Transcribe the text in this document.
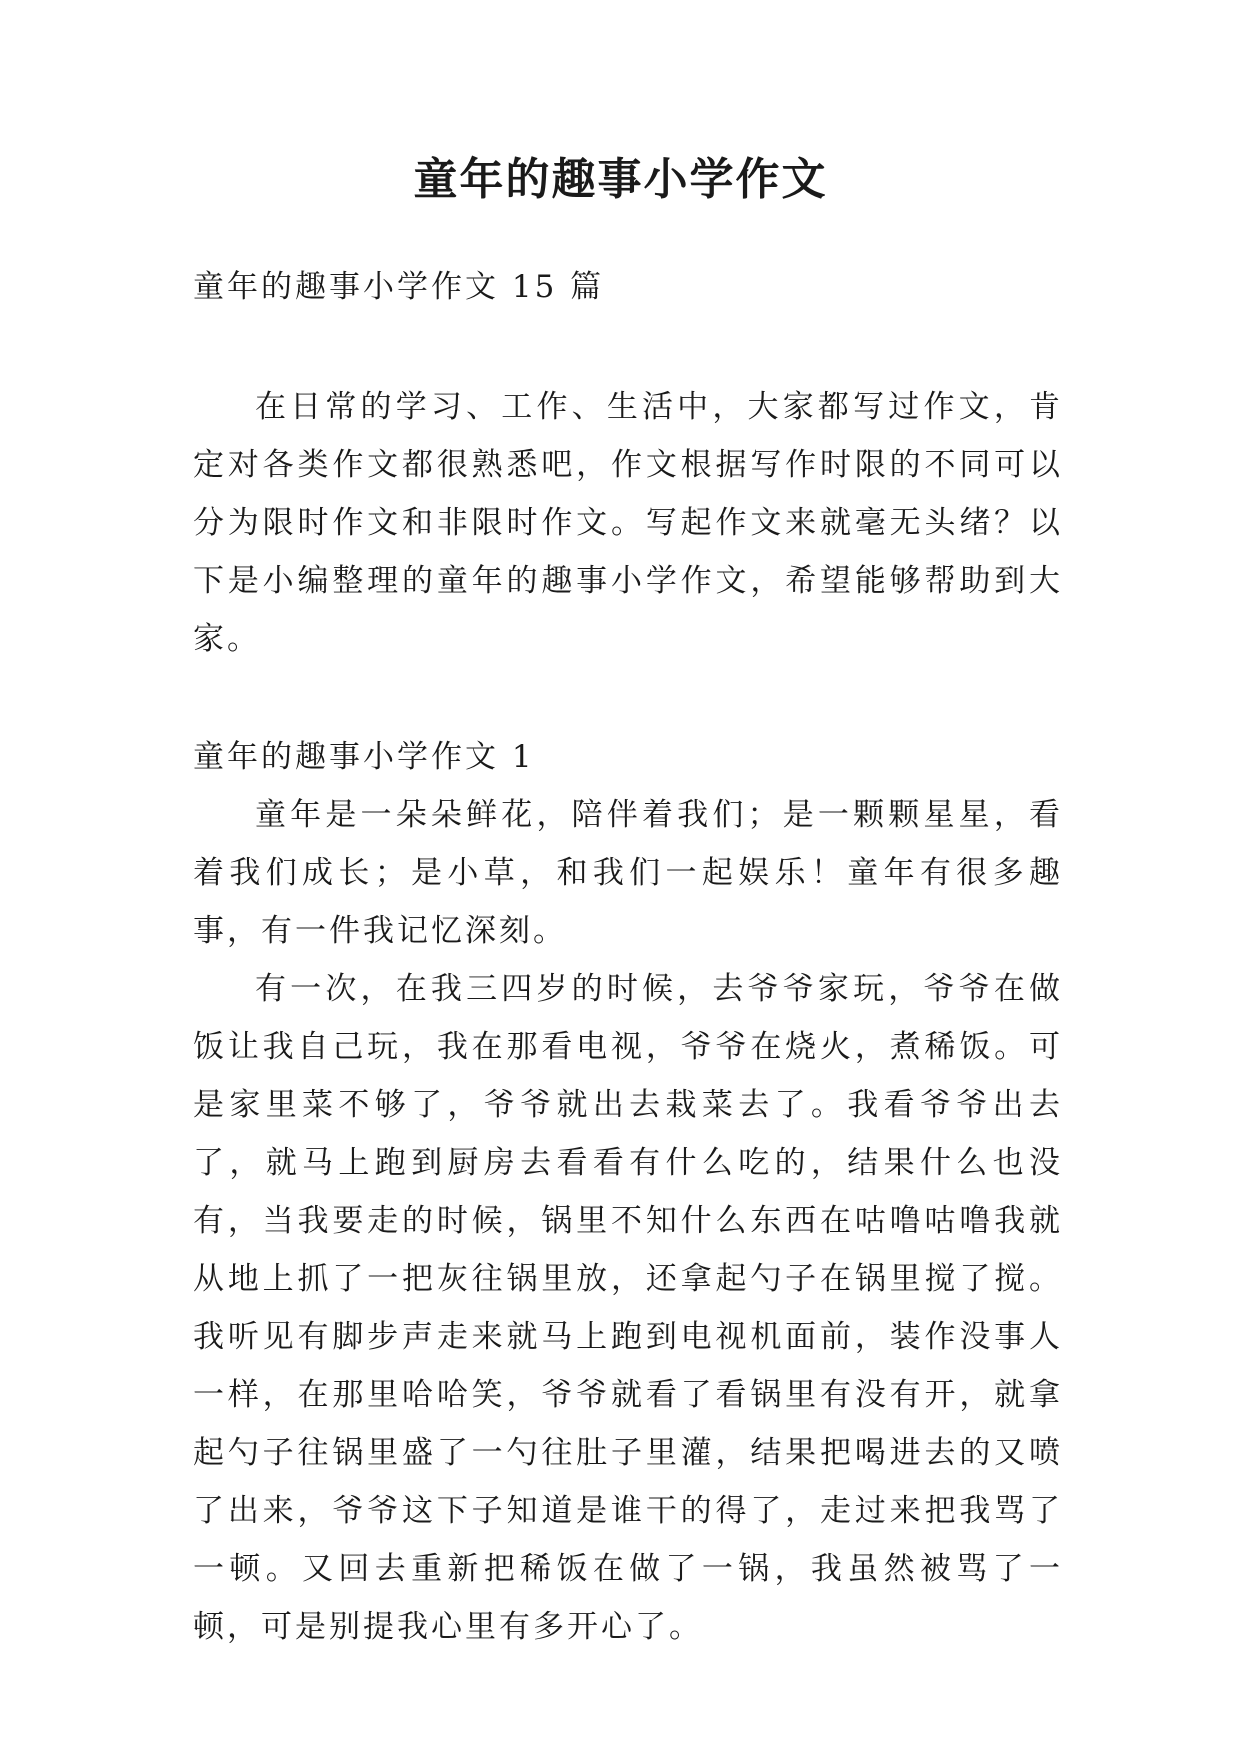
童年的趣事小学作文

童年的趣事小学作文 15 篇

在日常的学习、工作、生活中，大家都写过作文，肯定对各类作文都很熟悉吧，作文根据写作时限的不同可以分为限时作文和非限时作文。写起作文来就毫无头绪？以下是小编整理的童年的趣事小学作文，希望能够帮助到大家。

童年的趣事小学作文 1

童年是一朵朵鲜花，陪伴着我们；是一颗颗星星，看着我们成长；是小草，和我们一起娱乐！童年有很多趣事，有一件我记忆深刻。

有一次，在我三四岁的时候，去爷爷家玩，爷爷在做饭让我自己玩，我在那看电视，爷爷在烧火，煮稀饭。可是家里菜不够了，爷爷就出去栽菜去了。我看爷爷出去了，就马上跑到厨房去看看有什么吃的，结果什么也没有，当我要走的时候，锅里不知什么东西在咕噜咕噜我就从地上抓了一把灰往锅里放，还拿起勺子在锅里搅了搅。我听见有脚步声走来就马上跑到电视机面前，装作没事人一样，在那里哈哈笑，爷爷就看了看锅里有没有开，就拿起勺子往锅里盛了一勺往肚子里灌，结果把喝进去的又喷了出来，爷爷这下子知道是谁干的得了，走过来把我骂了一顿。又回去重新把稀饭在做了一锅，我虽然被骂了一顿，可是别提我心里有多开心了。
